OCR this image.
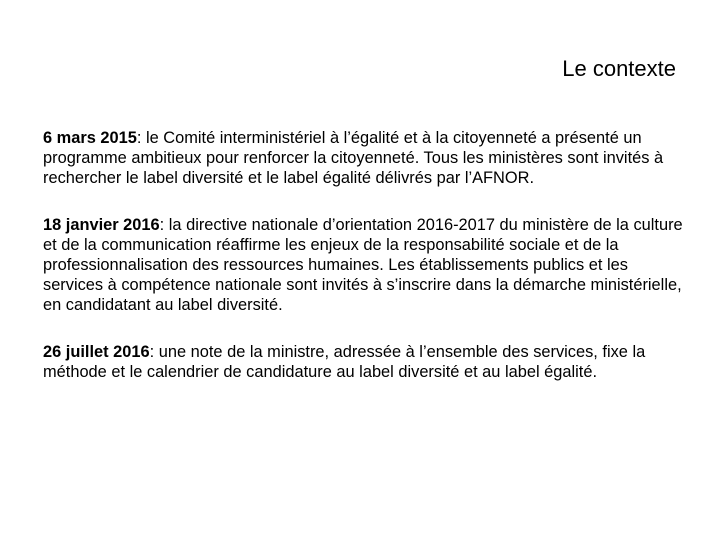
Le contexte

6 mars 2015: le Comité interministériel à l’égalité et à la citoyenneté a présenté un programme ambitieux pour renforcer la citoyenneté. Tous les ministères sont invités à rechercher le label diversité et le label égalité délivrés par l’AFNOR.

18 janvier 2016: la directive nationale d’orientation 2016-2017 du ministère de la culture et de la communication réaffirme les enjeux de la responsabilité sociale et de la professionnalisation des ressources humaines. Les établissements publics et les services à compétence nationale sont invités à s’inscrire dans la démarche ministérielle, en candidatant au label diversité.

26 juillet 2016: une note de la ministre, adressée à l’ensemble des services, fixe la méthode et le calendrier de candidature au label diversité et au label égalité.
